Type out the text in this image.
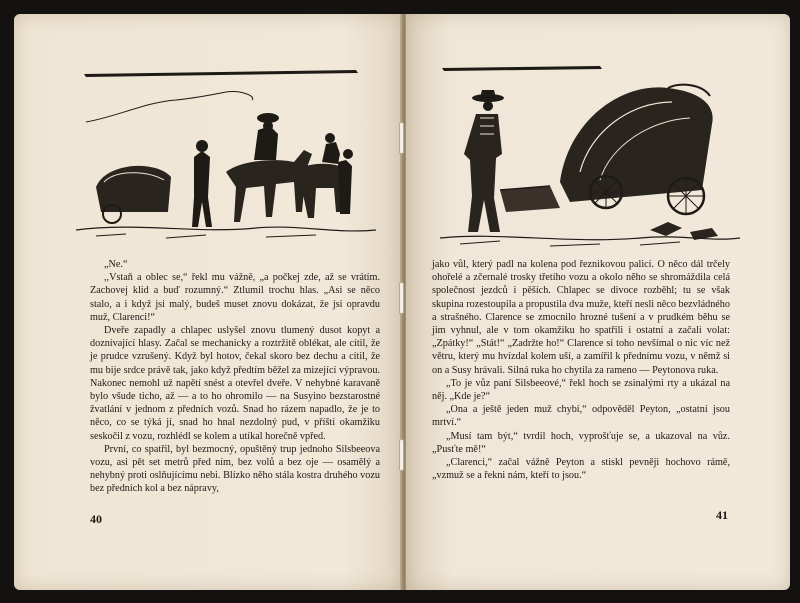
„Ne.“

,,Vstaň a oblec se,“ řekl mu vážně, „a počkej zde, až se vrátím. Zachovej klid a buď rozumný.“ Ztlumil trochu hlas. „Asi se něco stalo, a i když jsi malý, budeš muset znovu dokázat, že jsi opravdu muž, Clarenci!“

Dveře zapadly a chlapec uslyšel znovu tlumený dusot kopyt a doznívající hlasy. Začal se mechanicky a roztržitě oblékat, ale cítil, že je prudce vzrušený. Když byl hotov, čekal skoro bez dechu a cítil, že mu bije srdce právě tak, jako když předtím běžel za mizející výpravou. Nakonec nemohl už napětí snést a otevřel dveře. V nehybné karavaně bylo všude ticho, až — a to ho ohromilo — na Susyino bezstarostné žvatlání v jednom z předních vozů. Snad ho rázem napadlo, že je to něco, co se týká jí, snad ho hnal nezdolný pud, v příští okamžiku seskočil z vozu, rozhlédl se kolem a utíkal horečně vpřed.

První, co spatřil, byl bezmocný, opuštěný trup jednoho Silsbeeova vozu, asi pět set metrů před ním, bez volů a bez oje — osamělý a nehybný proti oslňujícímu nebi. Blízko něho stála kostra druhého vozu bez předních kol a bez nápravy,

40

jako vůl, který padl na kolena pod řeznikovou palicí. O něco dál trčely ohořelé a zčernalé trosky třetího vozu a okolo něho se shromáždila celá společnost jezdců i pěších. Chlapec se divoce rozběhl; tu se však skupina rozestoupila a propustila dva muže, kteří nesli něco bezvládného a strašného. Clarence se zmocnilo hrozné tušení a v prudkém běhu se jim vyhnul, ale v tom okamžiku ho spatřili i ostatní a začali volat: „Zpátky!“ „Stát!“ „Zadržte ho!“ Clarence si toho nevšímal o nic víc než větru, který mu hvízdal kolem uší, a zamířil k přednímu vozu, v němž si on a Susy hrávali. Silná ruka ho chytila za rameno — Peytonova ruka.

„To je vůz paní Silsbeeové,“ řekl hoch se zsinalými rty a ukázal na něj. „Kde je?“

„Ona a ještě jeden muž chybí,“ odpověděl Peyton, „ostatní jsou mrtví.“

„Musí tam být,“ tvrdil hoch, vyprošťuje se, a ukazoval na vůz. „Pusťte mě!“

„Clarenci,“ začal vážně Peyton a stiskl pevněji hochovo rámě, „vzmuž se a řekni nám, kteří to jsou.“

41
